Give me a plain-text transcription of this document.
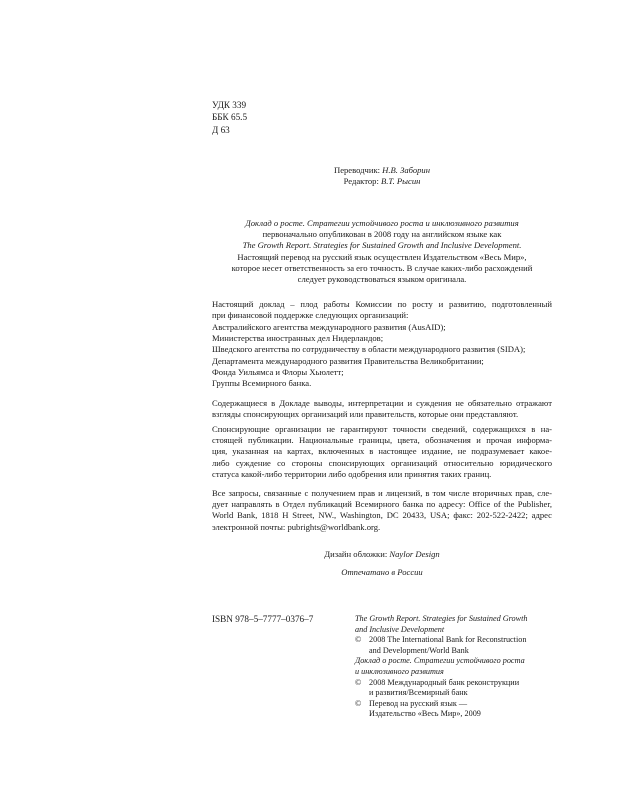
УДК 339
ББК 65.5
Д 63
Переводчик: Н.В. Заборин
Редактор: В.Т. Рысин
Доклад о росте. Стратегии устойчивого роста и инклюзивного развития
первоначально опубликован в 2008 году на английском языке как
The Growth Report. Strategies for Sustained Growth and Inclusive Development.
Настоящий перевод на русский язык осуществлен Издательством «Весь Мир»,
которое несет ответственность за его точность. В случае каких-либо расхождений
следует руководствоваться языком оригинала.
Настоящий доклад – плод работы Комиссии по росту и развитию, подготовленный
при финансовой поддержке следующих организаций:
Австралийского агентства международного развития (AusAID);
Министерства иностранных дел Нидерландов;
Шведского агентства по сотрудничеству в области международного развития (SIDA);
Департамента международного развития Правительства Великобритании;
Фонда Уильямса и Флоры Хьюлетт;
Группы Всемирного банка.
Содержащиеся в Докладе выводы, интерпретации и суждения не обязательно отражают
взгляды спонсирующих организаций или правительств, которые они представляют.
Спонсирующие организации не гарантируют точности сведений, содержащихся в на-
стоящей публикации. Национальные границы, цвета, обозначения и прочая информа-
ция, указанная на картах, включенных в настоящее издание, не подразумевает какое-
либо суждение со стороны спонсирующих организаций относительно юридического
статуса какой-либо территории либо одобрения или принятия таких границ.
Все запросы, связанные с получением прав и лицензий, в том числе вторичных прав, сле-
дует направлять в Отдел публикаций Всемирного банка по адресу: Office of the Publisher,
World Bank, 1818 H Street, NW., Washington, DC 20433, USA; факс: 202-522-2422; адрес
электронной почты: pubrights@worldbank.org.
Дизайн обложки: Naylor Design
Отпечатано в России
ISBN 978–5–7777–0376–7	The Growth Report. Strategies for Sustained Growth
and Inclusive Development
© 2008 The International Bank for Reconstruction
and Development/World Bank
Доклад о росте. Стратегии устойчивого роста
и инклюзивного развития
© 2008 Международный банк реконструкции
и развития/Всемирный банк
© Перевод на русский язык —
Издательство «Весь Мир», 2009
